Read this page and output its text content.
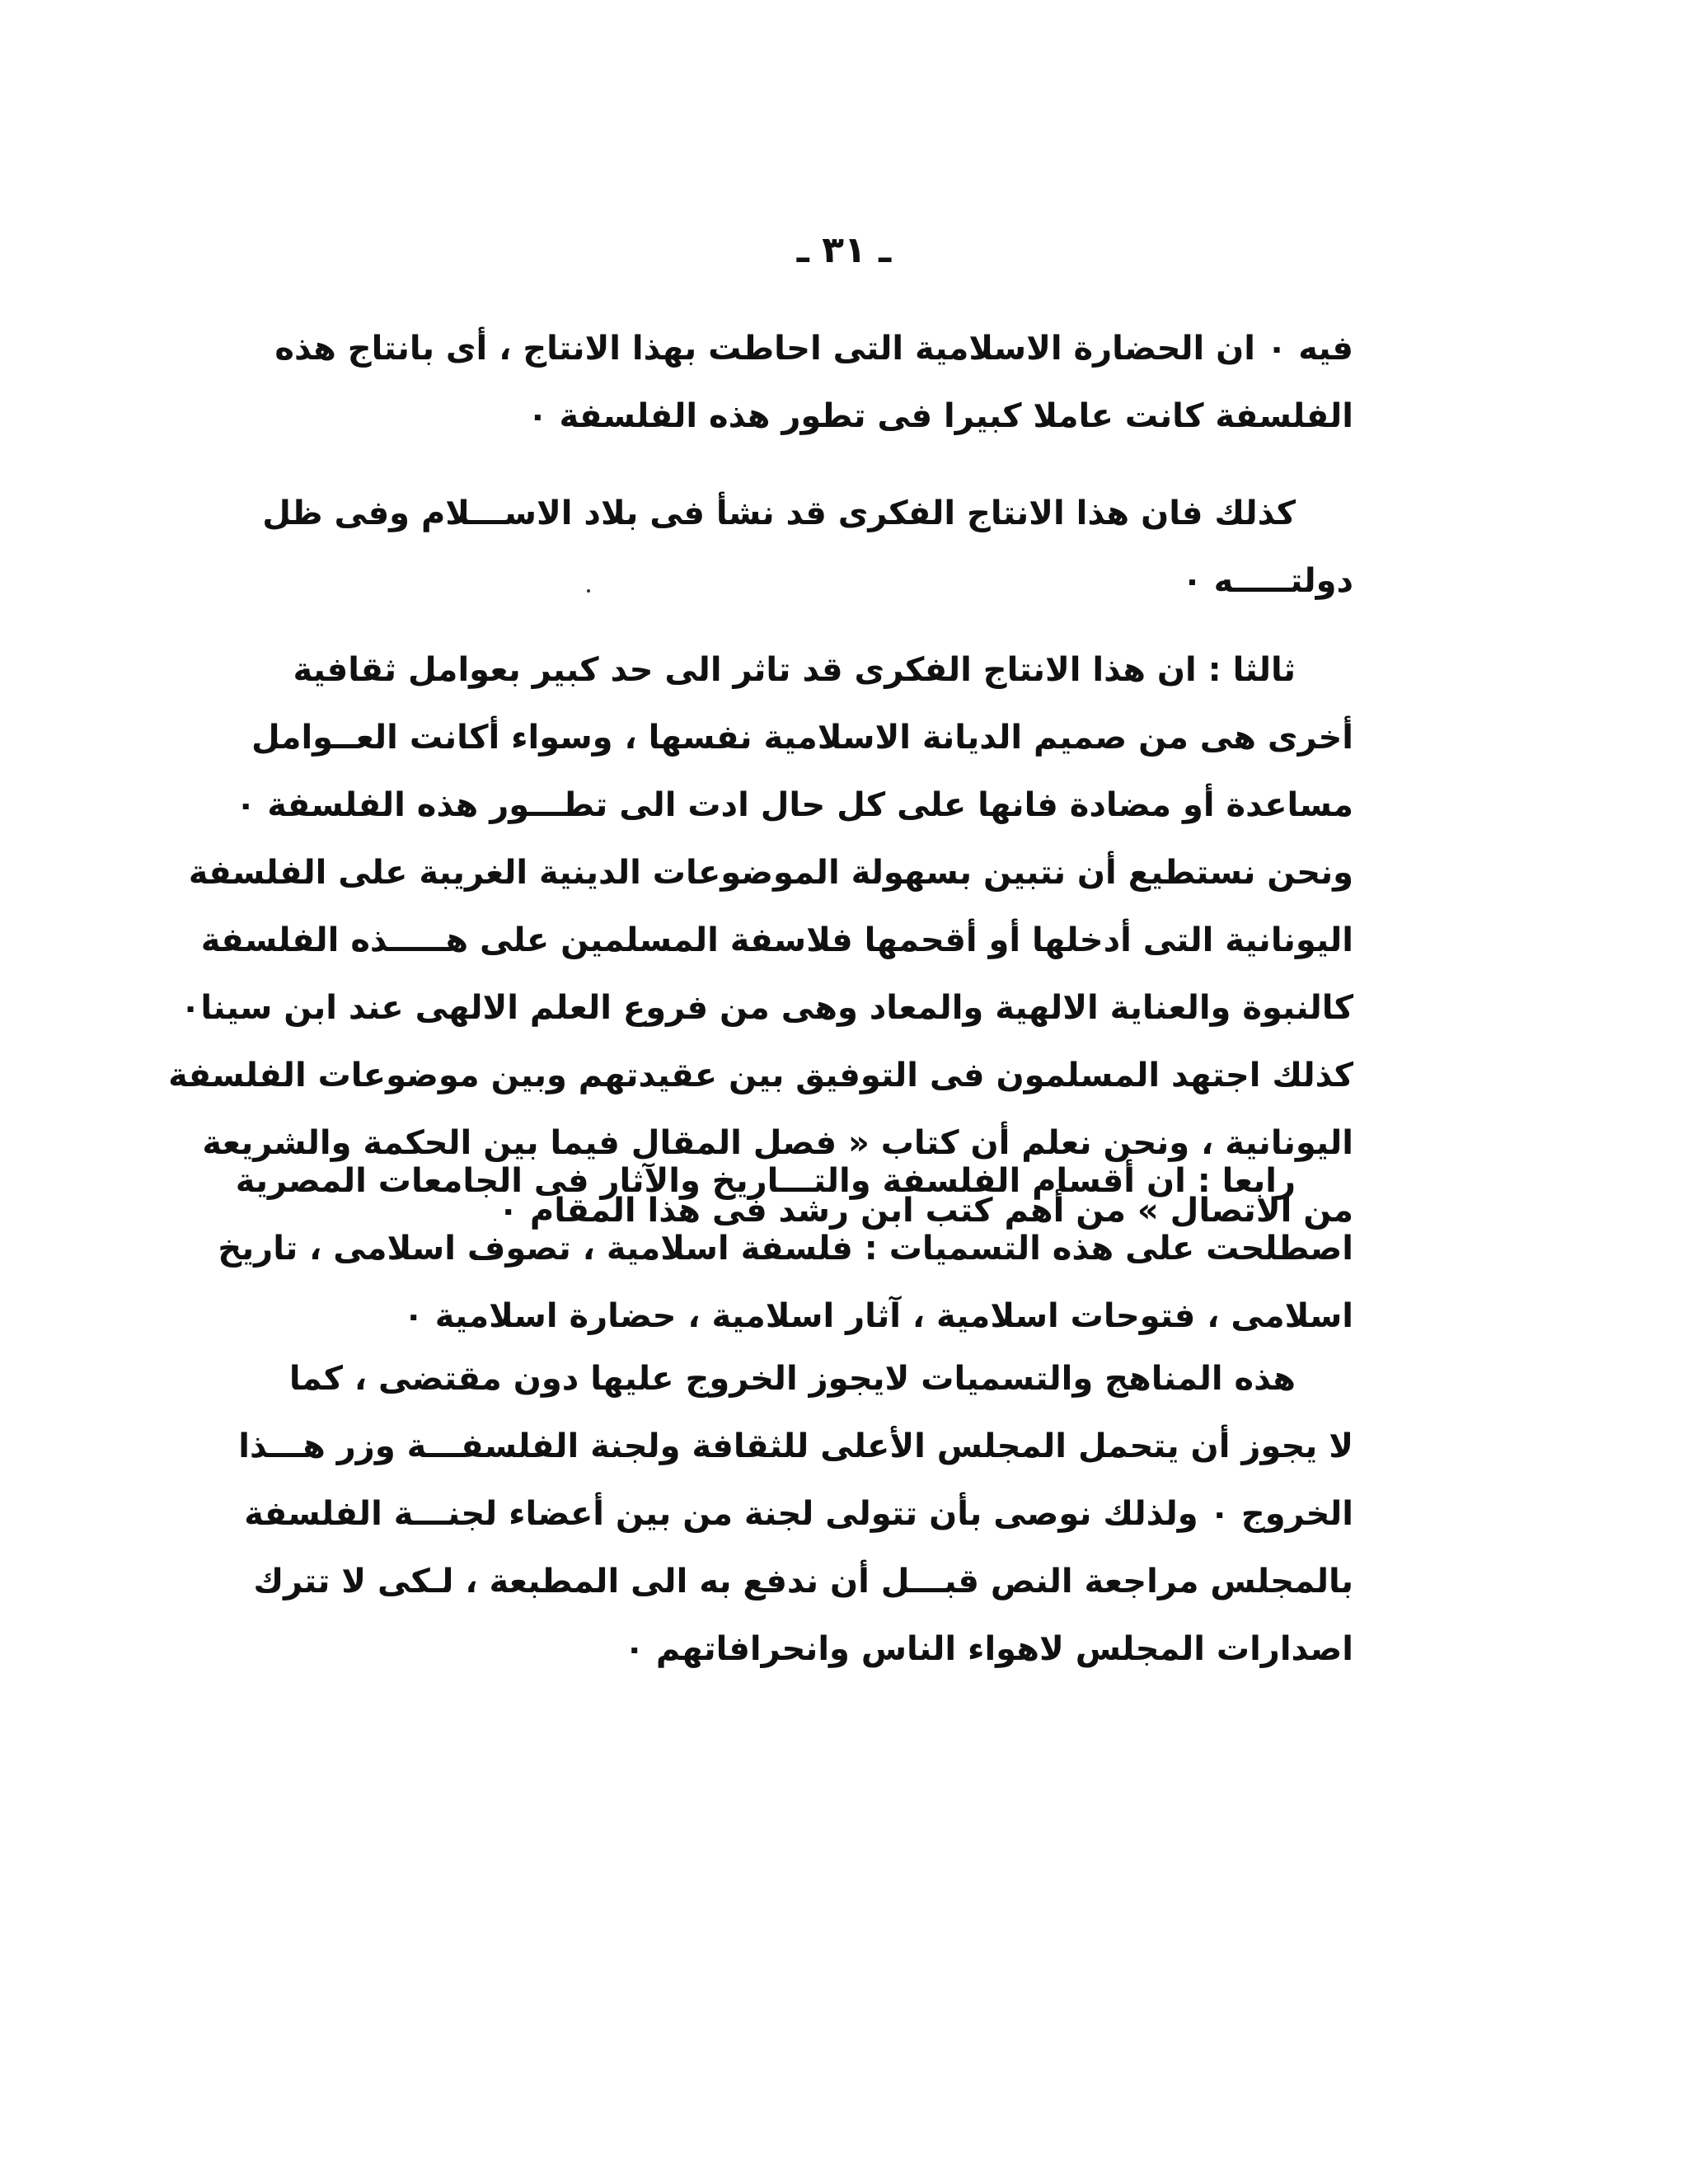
ـ ٣١ ـ
فيه ٠ ان الحضارة الاسلامية التى احاطت بهذا الانتاج ، أى بانتاج هذه
الفلسفة كانت عاملا كبيرا فى تطور هذه الفلسفة ٠
كذلك فان هذا الانتاج الفكرى قد نشأ فى بلاد الاســـلام وفى ظل
دولتـــــه ٠
ثالثا : ان هذا الانتاج الفكرى قد تاثر الى حد كبير بعوامل ثقافية
أخرى هى من صميم الديانة الاسلامية نفسها ، وسواء أكانت العــوامل
مساعدة أو مضادة فانها على كل حال ادت الى تطـــور هذه الفلسفة ٠
ونحن نستطيع أن نتبين بسهولة الموضوعات الدينية الغريبة على الفلسفة
اليونانية التى أدخلها أو أقحمها فلاسفة المسلمين على هـــــذه الفلسفة
كالنبوة والعناية الالهية والمعاد وهى من فروع العلم الالهى عند ابن سينا٠
كذلك اجتهد المسلمون فى التوفيق بين عقيدتهم وبين موضوعات الفلسفة
اليونانية ، ونحن نعلم أن كتاب « فصل المقال فيما بين الحكمة والشريعة
من الاتصال » من أهم كتب ابن رشد فى هذا المقام ٠
رابعا : ان أقسام الفلسفة والتـــاريخ والآثار فى الجامعات المصرية
اصطلحت على هذه التسميات : فلسفة اسلامية ، تصوف اسلامى ، تاريخ
اسلامى ، فتوحات اسلامية ، آثار اسلامية ، حضارة اسلامية ٠
هذه المناهج والتسميات لايجوز الخروج عليها دون مقتضى ، كما
لا يجوز أن يتحمل المجلس الأعلى للثقافة ولجنة الفلسفـــة وزر هـــذا
الخروج ٠ ولذلك نوصى بأن تتولى لجنة من بين أعضاء لجنـــة الفلسفة
بالمجلس مراجعة النص قبـــل أن ندفع به الى المطبعة ، لـكى لا تترك
اصدارات المجلس لاهواء الناس وانحرافاتهم ٠
